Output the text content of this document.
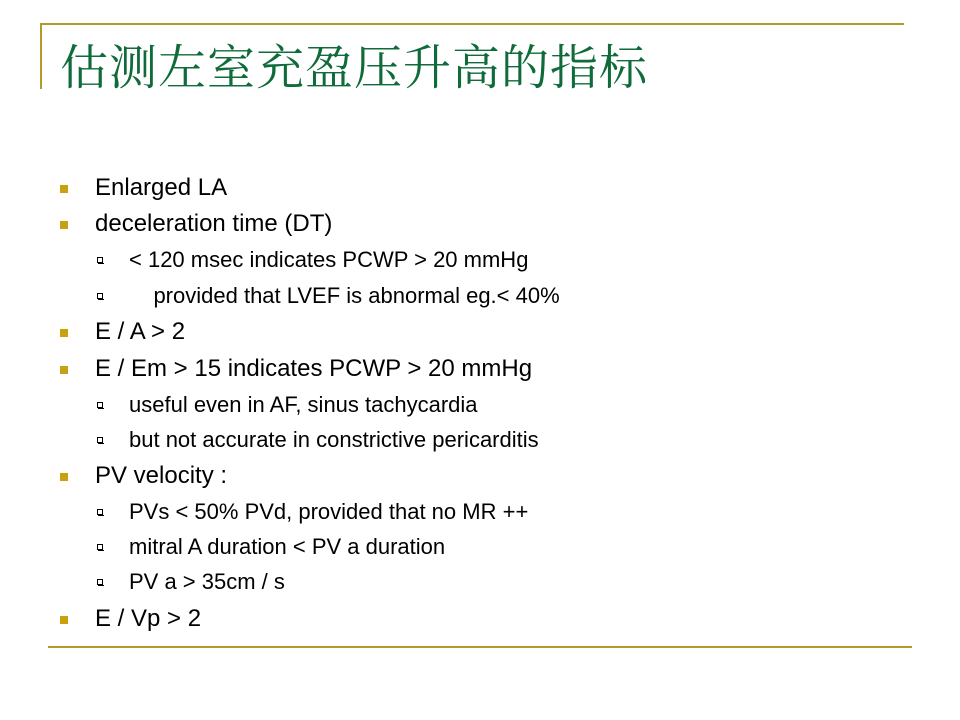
估测左室充盈压升高的指标
Enlarged LA
deceleration time (DT)
< 120 msec indicates PCWP > 20 mmHg
provided that LVEF is abnormal eg.< 40%
E / A > 2
E / Em > 15 indicates PCWP > 20 mmHg
useful even in AF, sinus tachycardia
but not accurate in constrictive pericarditis
PV velocity :
PVs < 50% PVd, provided that no MR ++
mitral A duration < PV a duration
PV a > 35cm / s
E / Vp > 2
